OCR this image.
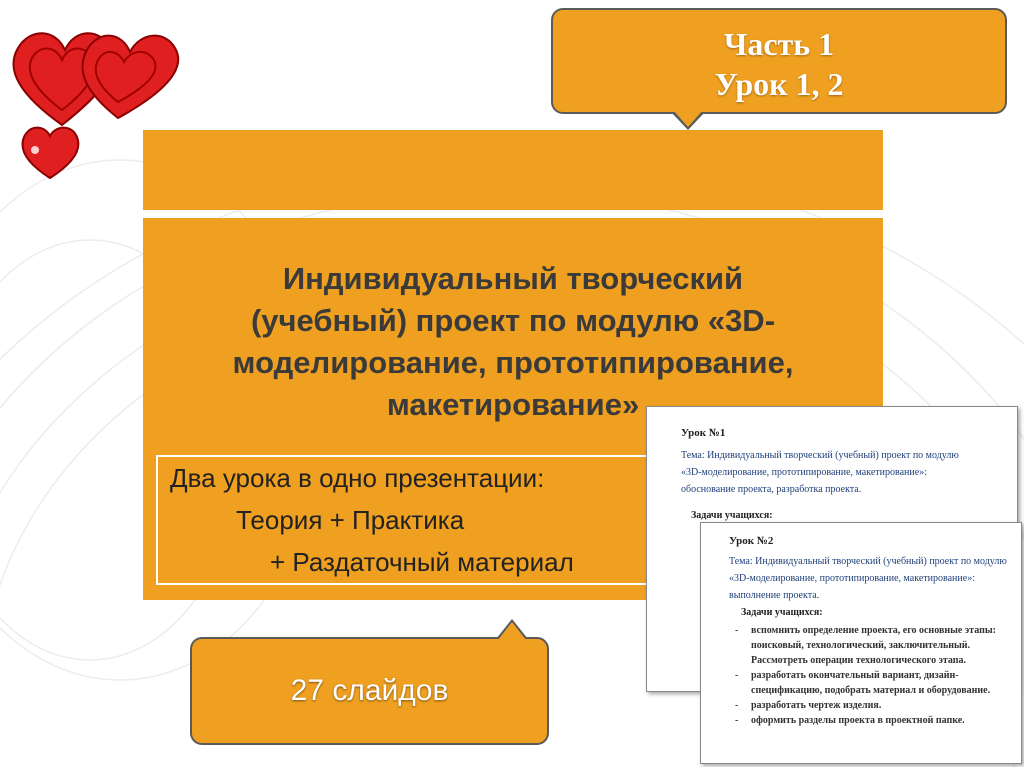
Часть 1
Урок 1, 2
Индивидуальный творческий
(учебный) проект по модулю «3D-
моделирование, прототипирование,
макетирование»
Два урока в одно презентации:
Теория + Практика
+ Раздаточный материал
Урок №1
Тема: Индивидуальный творческий (учебный) проект по модулю
«3D-моделирование, прототипирование, макетирование»:
обоснование проекта, разработка проекта.
Задачи учащихся:
Урок №2
Тема: Индивидуальный творческий (учебный) проект по модулю
«3D-моделирование, прототипирование, макетирование»:
выполнение проекта.
Задачи учащихся:
- вспомнить определение проекта, его основные этапы:
поисковый, технологический, заключительный.
Рассмотреть операции технологического этапа.
- разработать окончательный вариант, дизайн-
спецификацию, подобрать материал и оборудование.
- разработать чертеж изделия.
- оформить разделы проекта в проектной папке.
27 слайдов
